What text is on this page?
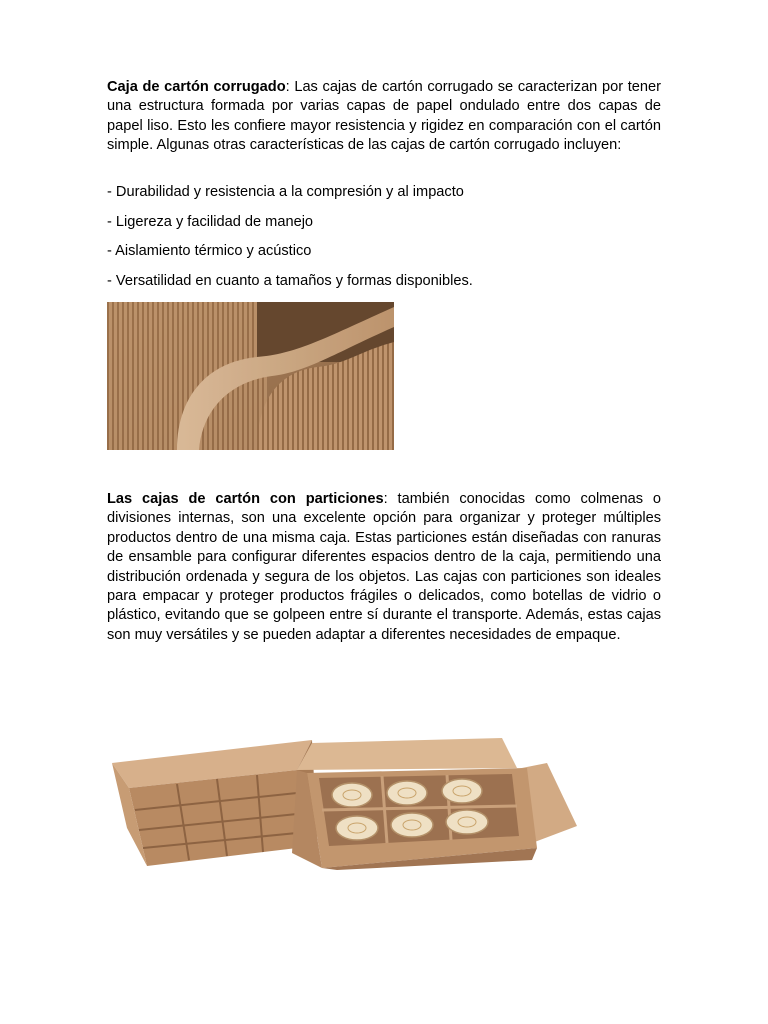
Caja de cartón corrugado: Las cajas de cartón corrugado se caracterizan por tener una estructura formada por varias capas de papel ondulado entre dos capas de papel liso. Esto les confiere mayor resistencia y rigidez en comparación con el cartón simple. Algunas otras características de las cajas de cartón corrugado incluyen:
- Durabilidad y resistencia a la compresión y al impacto
- Ligereza y facilidad de manejo
- Aislamiento térmico y acústico
- Versatilidad en cuanto a tamaños y formas disponibles.
Las cajas de cartón con particiones: también conocidas como colmenas o divisiones internas, son una excelente opción para organizar y proteger múltiples productos dentro de una misma caja. Estas particiones están diseñadas con ranuras de ensamble para configurar diferentes espacios dentro de la caja, permitiendo una distribución ordenada y segura de los objetos. Las cajas con particiones son ideales para empacar y proteger productos frágiles o delicados, como botellas de vidrio o plástico, evitando que se golpeen entre sí durante el transporte. Además, estas cajas son muy versátiles y se pueden adaptar a diferentes necesidades de empaque.
